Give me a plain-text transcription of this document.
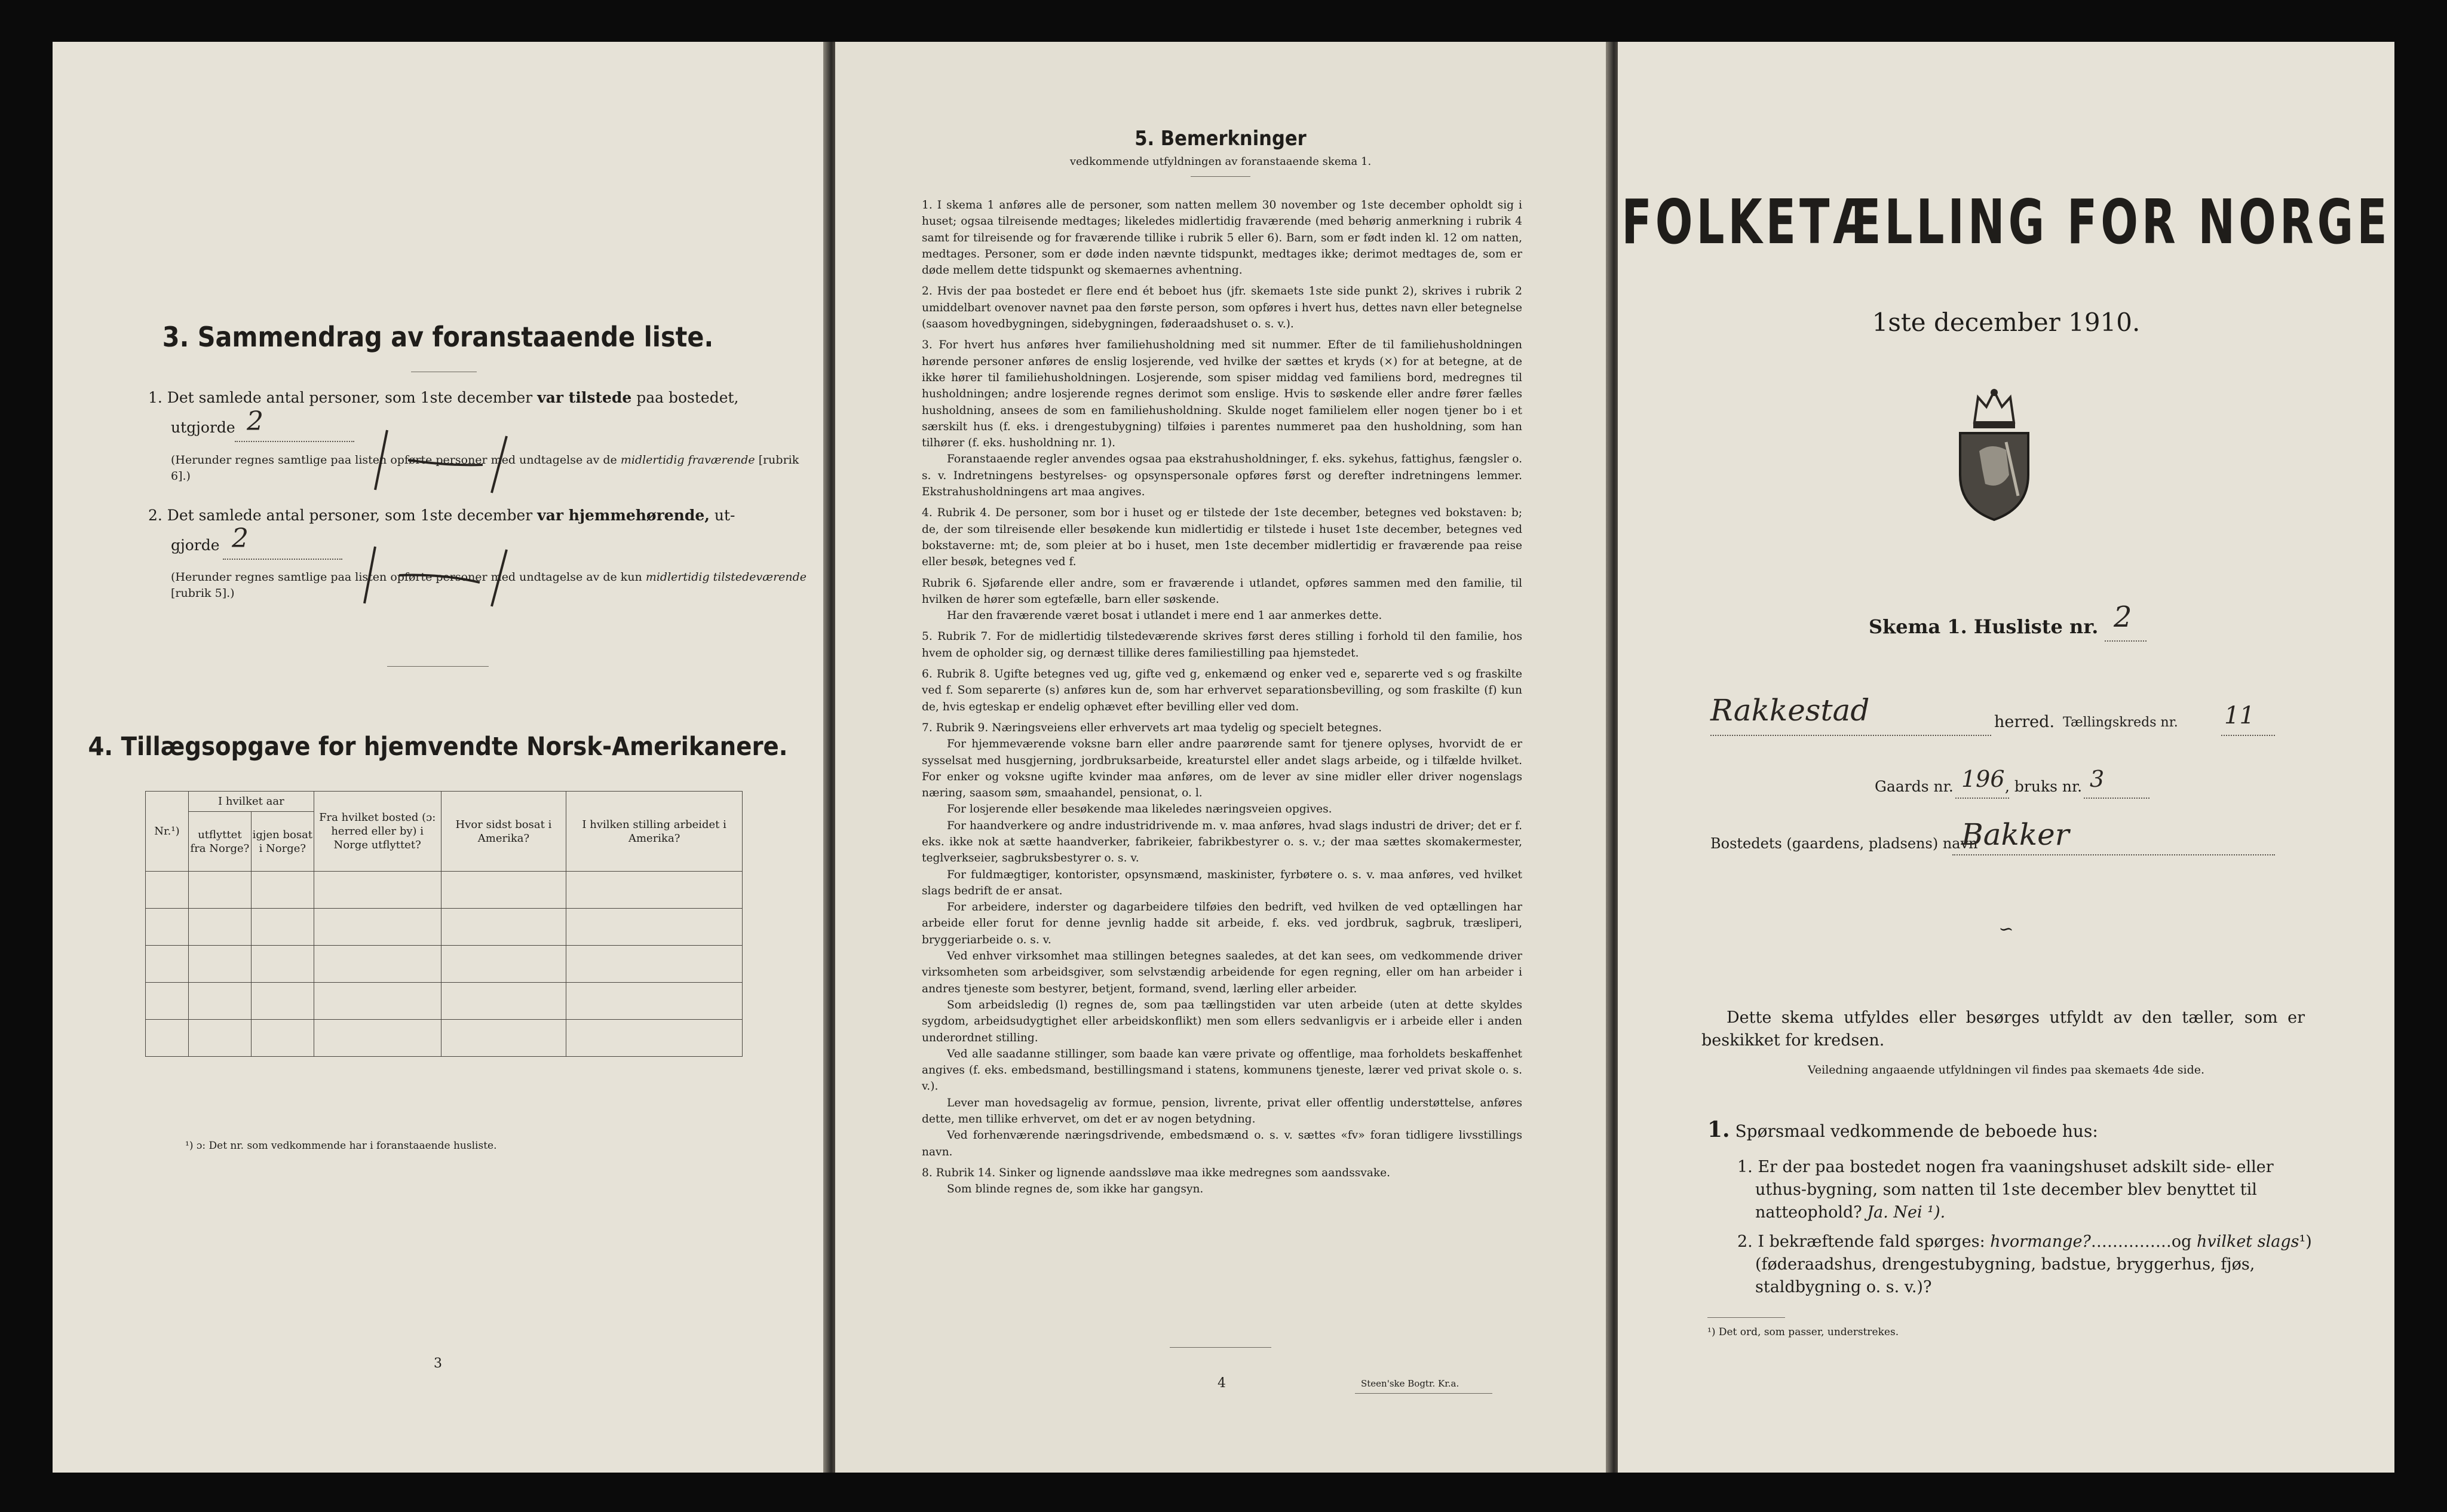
3. Sammendrag av foranstaaende liste.
1. Det samlede antal personer, som 1ste december var tilstede paa bostedet,
utgjorde 2
(Herunder regnes samtlige paa listen opførte personer med undtagelse av de midlertidig fraværende [rubrik 6].)
2. Det samlede antal personer, som 1ste december var hjemmehørende, ut-
gjorde 2
(Herunder regnes samtlige paa listen opførte personer med undtagelse av de kun midlertidig tilstedeværende [rubrik 5].)
4. Tillægsopgave for hjemvendte Norsk-Amerikanere.
Nr.¹)	I hvilket aar		Fra hvilket bosted (ɔ: herred eller by) i Norge utflyttet?	Hvor sidst bosat i Amerika?	I hvilken stilling arbeidet i Amerika?
	utflyttet fra Norge?	igjen bosat i Norge?			

¹) ɔ: Det nr. som vedkommende har i foranstaaende husliste.
3
5. Bemerkninger
vedkommende utfyldningen av foranstaaende skema 1.

1. I skema 1 anføres alle de personer, som natten mellem 30 november og 1ste december opholdt sig i huset; ogsaa tilreisende medtages; likeledes midlertidig fraværende (med behørig anmerkning i rubrik 4 samt for tilreisende og for fraværende tillike i rubrik 5 eller 6). Barn, som er født inden kl. 12 om natten, medtages. Personer, som er døde inden nævnte tidspunkt, medtages ikke; derimot medtages de, som er døde mellem dette tidspunkt og skemaernes avhentning.

2. Hvis der paa bostedet er flere end ét beboet hus (jfr. skemaets 1ste side punkt 2), skrives i rubrik 2 umiddelbart ovenover navnet paa den første person, som opføres i hvert hus, dettes navn eller betegnelse (saasom hovedbygningen, sidebygningen, føderaadshuset o. s. v.).

3. For hvert hus anføres hver familiehusholdning med sit nummer. Efter de til familiehusholdningen hørende personer anføres de enslig losjerende, ved hvilke der sættes et kryds (×) for at betegne, at de ikke hører til familiehusholdningen. Losjerende, som spiser middag ved familiens bord, medregnes til husholdningen; andre losjerende regnes derimot som enslige. Hvis to søskende eller andre fører fælles husholdning, ansees de som en familiehusholdning. Skulde noget familielem eller nogen tjener bo i et særskilt hus (f. eks. i drengestubygning) tilføies i parentes nummeret paa den husholdning, som han tilhører (f. eks. husholdning nr. 1).

Foranstaaende regler anvendes ogsaa paa ekstrahusholdninger, f. eks. sykehus, fattighus, fængsler o. s. v. Indretningens bestyrelses- og opsynspersonale opføres først og derefter indretningens lemmer. Ekstrahusholdningens art maa angives.

4. Rubrik 4. De personer, som bor i huset og er tilstede der 1ste december, betegnes ved bokstaven: b; de, der som tilreisende eller besøkende kun midlertidig er tilstede i huset 1ste december, betegnes ved bokstaverne: mt; de, som pleier at bo i huset, men 1ste december midlertidig er fraværende paa reise eller besøk, betegnes ved f.

Rubrik 6. Sjøfarende eller andre, som er fraværende i utlandet, opføres sammen med den familie, til hvilken de hører som egtefælle, barn eller søskende.

Har den fraværende været bosat i utlandet i mere end 1 aar anmerkes dette.

5. Rubrik 7. For de midlertidig tilstedeværende skrives først deres stilling i forhold til den familie, hos hvem de opholder sig, og dernæst tillike deres familiestilling paa hjemstedet.

6. Rubrik 8. Ugifte betegnes ved ug, gifte ved g, enkemænd og enker ved e, separerte ved s og fraskilte ved f. Som separerte (s) anføres kun de, som har erhvervet separationsbevilling, og som fraskilte (f) kun de, hvis egteskap er endelig ophævet efter bevilling eller ved dom.

7. Rubrik 9. Næringsveiens eller erhvervets art maa tydelig og specielt betegnes.

For hjemmeværende voksne barn eller andre paarørende samt for tjenere oplyses, hvorvidt de er sysselsat med husgjerning, jordbruksarbeide, kreaturstel eller andet slags arbeide, og i tilfælde hvilket. For enker og voksne ugifte kvinder maa anføres, om de lever av sine midler eller driver nogenslags næring, saasom søm, smaahandel, pensionat, o. l.

For losjerende eller besøkende maa likeledes næringsveien opgives.

For haandverkere og andre industridrivende m. v. maa anføres, hvad slags industri de driver; det er f. eks. ikke nok at sætte haandverker, fabrikeier, fabrikbestyrer o. s. v.; der maa sættes skomakermester, teglverkseier, sagbruksbestyrer o. s. v.

For fuldmægtiger, kontorister, opsynsmænd, maskinister, fyrbøtere o. s. v. maa anføres, ved hvilket slags bedrift de er ansat.

For arbeidere, inderster og dagarbeidere tilføies den bedrift, ved hvilken de ved optællingen har arbeide eller forut for denne jevnlig hadde sit arbeide, f. eks. ved jordbruk, sagbruk, træsliperi, bryggeriarbeide o. s. v.

Ved enhver virksomhet maa stillingen betegnes saaledes, at det kan sees, om vedkommende driver virksomheten som arbeidsgiver, som selvstændig arbeidende for egen regning, eller om han arbeider i andres tjeneste som bestyrer, betjent, formand, svend, lærling eller arbeider.

Som arbeidsledig (l) regnes de, som paa tællingstiden var uten arbeide (uten at dette skyldes sygdom, arbeidsudygtighet eller arbeidskonflikt) men som ellers sedvanligvis er i arbeide eller i anden underordnet stilling.

Ved alle saadanne stillinger, som baade kan være private og offentlige, maa forholdets beskaffenhet angives (f. eks. embedsmand, bestillingsmand i statens, kommunens tjeneste, lærer ved privat skole o. s. v.).

Lever man hovedsagelig av formue, pension, livrente, privat eller offentlig understøttelse, anføres dette, men tillike erhvervet, om det er av nogen betydning.

Ved forhenværende næringsdrivende, embedsmænd o. s. v. sættes «fv» foran tidligere livsstillings navn.

8. Rubrik 14. Sinker og lignende aandssløve maa ikke medregnes som aandssvake.

Som blinde regnes de, som ikke har gangsyn.

4	Steen'ske Bogtr. Kr.a.
FOLKETÆLLING FOR NORGE
1ste december 1910.
Skema 1. Husliste nr. 2
Rakkestad	herred. Tællingskreds nr. 11
Gaards nr. 196 , bruks nr. 3
Bostedets (gaardens, pladsens) navn
Bakker
∽
Dette skema utfyldes eller besørges utfyldt av den tæller, som er beskikket for kredsen.
Veiledning angaaende utfyldningen vil findes paa skemaets 4de side.
1. Spørsmaal vedkommende de beboede hus:
1. Er der paa bostedet nogen fra vaaningshuset adskilt side- eller uthus-bygning, som natten til 1ste december blev benyttet til natteophold? Ja. Nei ¹).
2. I bekræftende fald spørges: hvormange?……………og hvilket slags¹) (føderaadshus, drengestubygning, badstue, bryggerhus, fjøs, staldbygning o. s. v.)?
¹) Det ord, som passer, understrekes.
